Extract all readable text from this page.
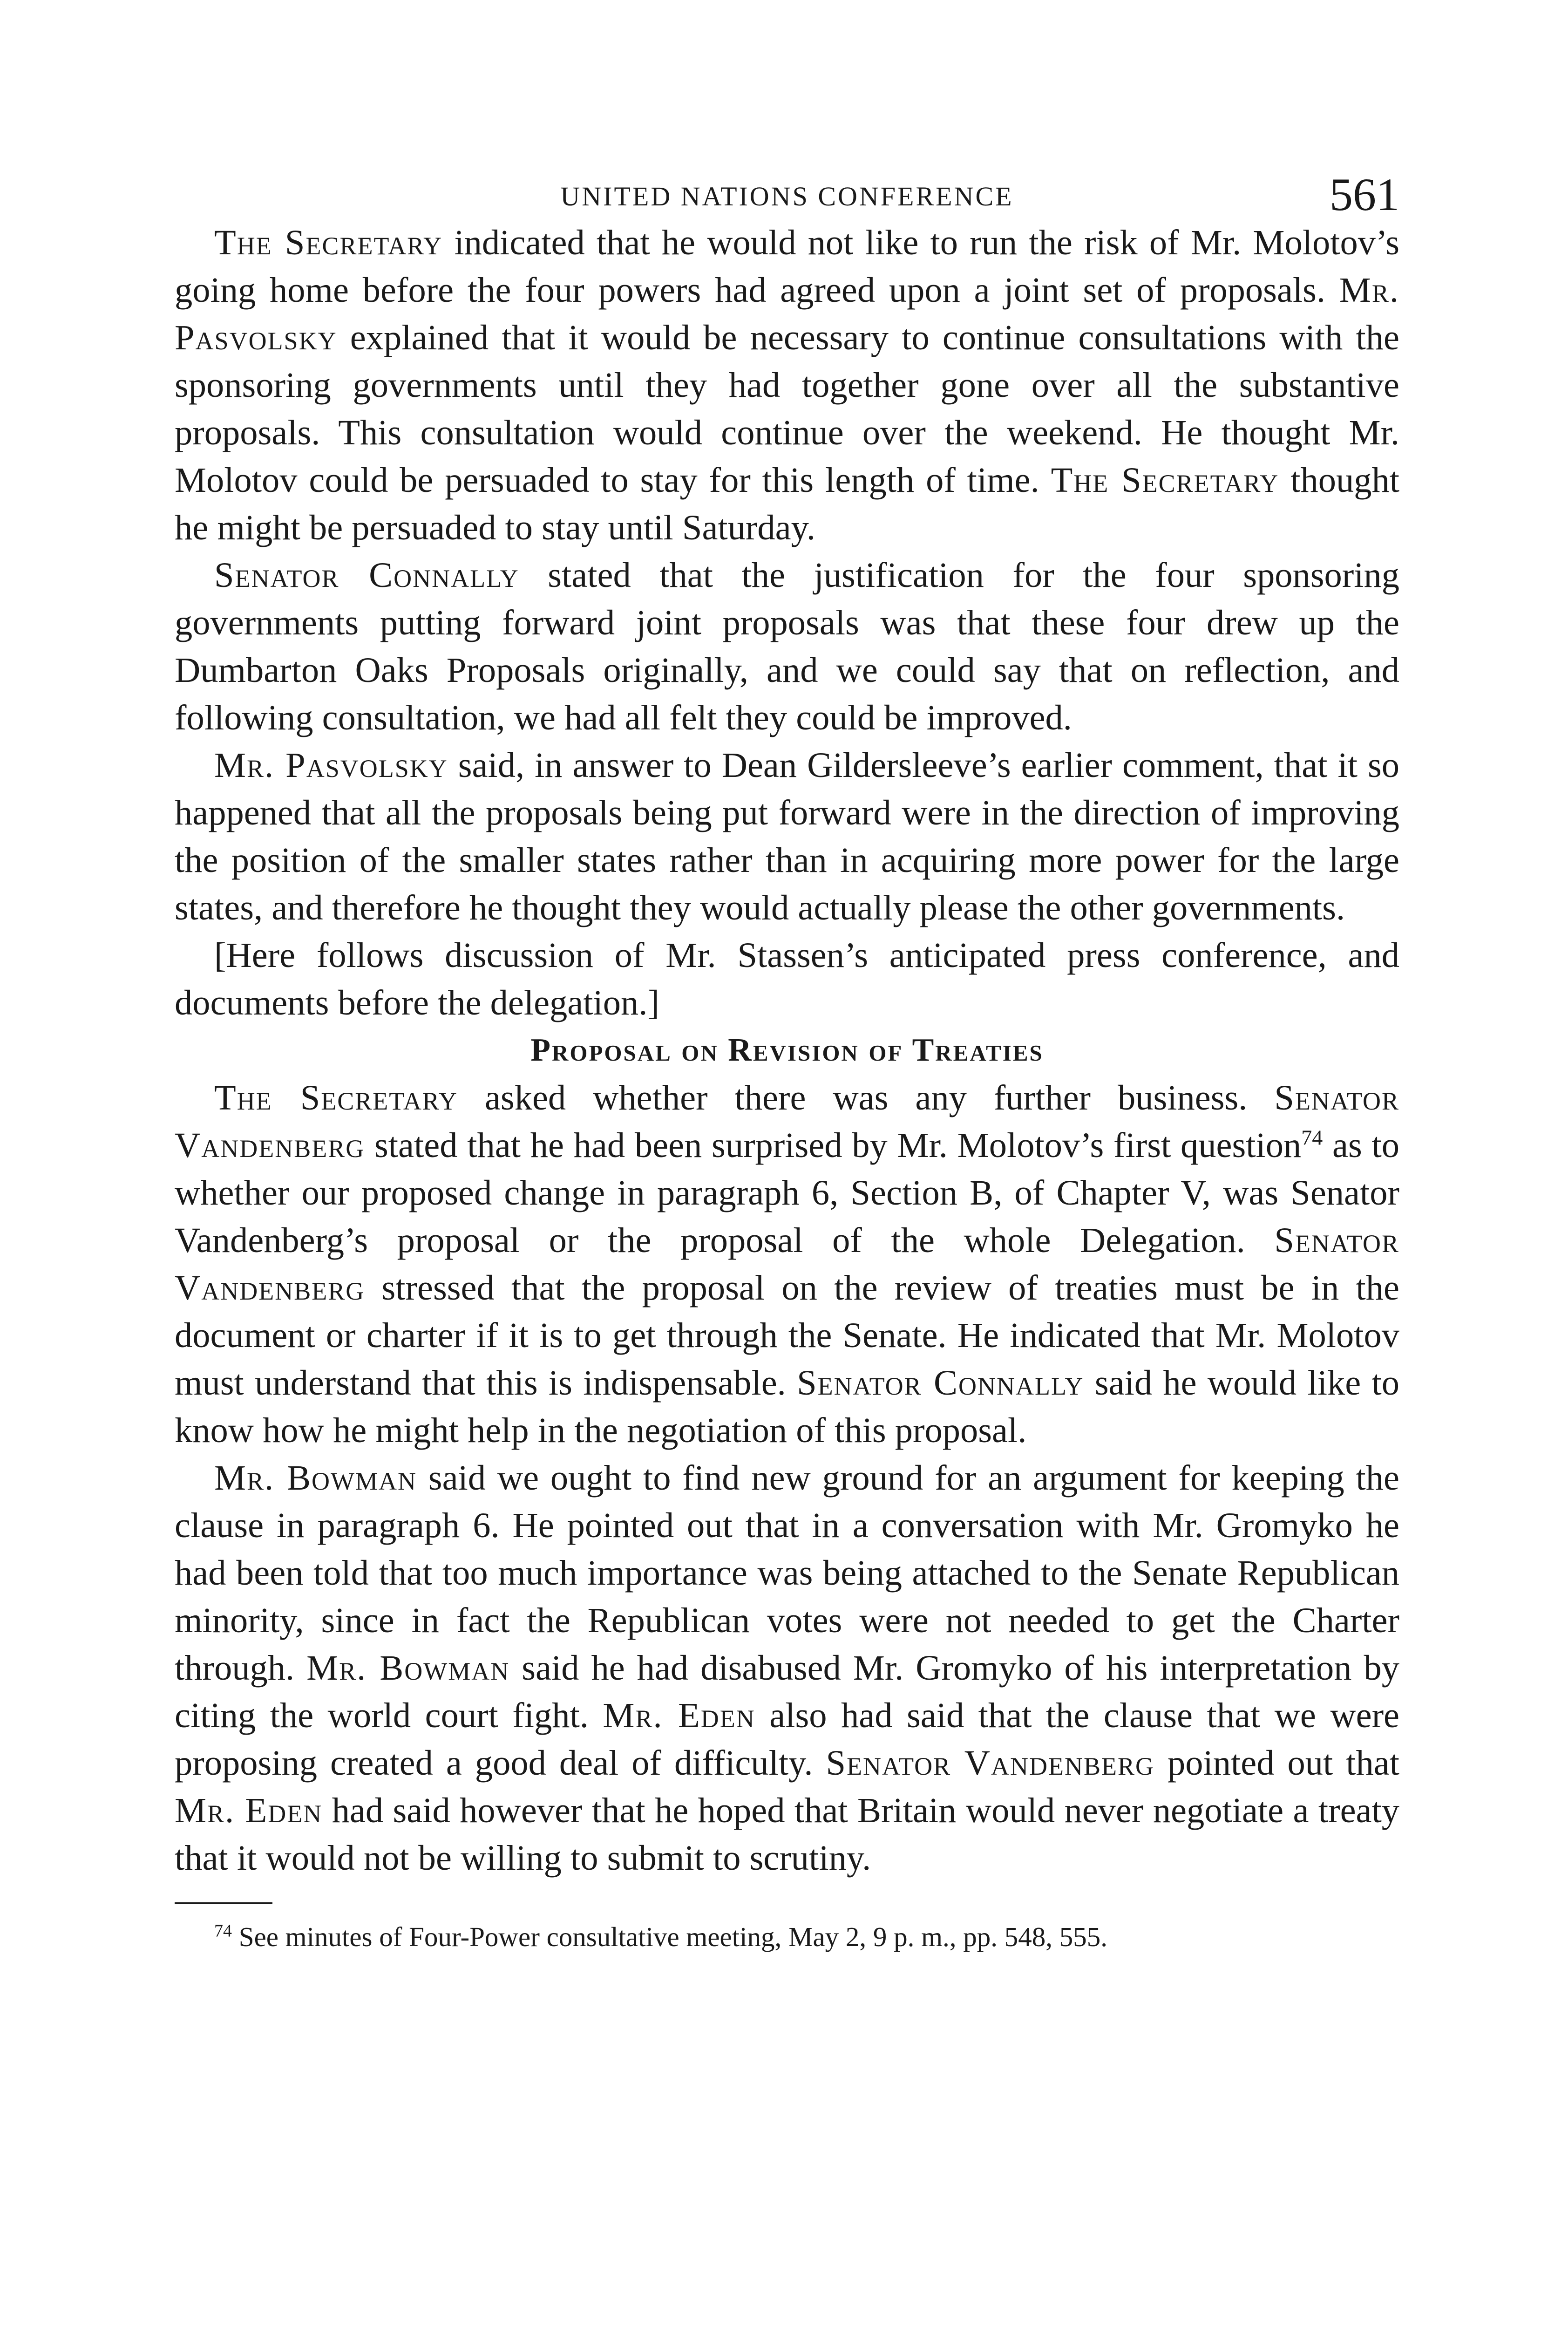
UNITED NATIONS CONFERENCE	561

The Secretary indicated that he would not like to run the risk of Mr. Molotov’s going home before the four powers had agreed upon a joint set of proposals. Mr. Pasvolsky explained that it would be necessary to continue consultations with the sponsoring governments until they had together gone over all the substantive proposals. This consultation would continue over the weekend. He thought Mr. Molotov could be persuaded to stay for this length of time. The Secretary thought he might be persuaded to stay until Saturday.

Senator Connally stated that the justification for the four sponsoring governments putting forward joint proposals was that these four drew up the Dumbarton Oaks Proposals originally, and we could say that on reflection, and following consultation, we had all felt they could be improved.

Mr. Pasvolsky said, in answer to Dean Gildersleeve’s earlier comment, that it so happened that all the proposals being put forward were in the direction of improving the position of the smaller states rather than in acquiring more power for the large states, and therefore he thought they would actually please the other governments.

[Here follows discussion of Mr. Stassen’s anticipated press conference, and documents before the delegation.]

Proposal on Revision of Treaties

The Secretary asked whether there was any further business. Senator Vandenberg stated that he had been surprised by Mr. Molotov’s first question$^{74}$ as to whether our proposed change in paragraph 6, Section B, of Chapter V, was Senator Vandenberg’s proposal or the proposal of the whole Delegation. Senator Vandenberg stressed that the proposal on the review of treaties must be in the document or charter if it is to get through the Senate. He indicated that Mr. Molotov must understand that this is indispensable. Senator Connally said he would like to know how he might help in the negotiation of this proposal.

Mr. Bowman said we ought to find new ground for an argument for keeping the clause in paragraph 6. He pointed out that in a conversation with Mr. Gromyko he had been told that too much importance was being attached to the Senate Republican minority, since in fact the Republican votes were not needed to get the Charter through. Mr. Bowman said he had disabused Mr. Gromyko of his interpretation by citing the world court fight. Mr. Eden also had said that the clause that we were proposing created a good deal of difficulty. Senator Vandenberg pointed out that Mr. Eden had said however that he hoped that Britain would never negotiate a treaty that it would not be willing to submit to scrutiny.

$^{74}$ See minutes of Four-Power consultative meeting, May 2, 9 p. m., pp. 548, 555.
